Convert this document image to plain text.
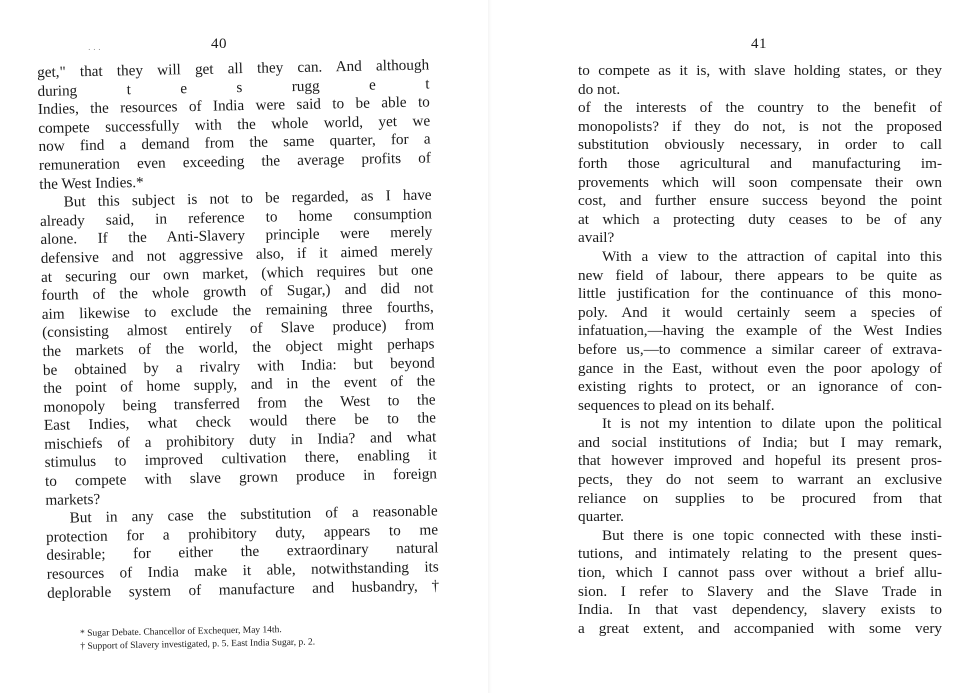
. . .	40
get," that they will get all they can. And although
during t e s rugg e t
Indies, the resources of India were said to be able to
compete successfully with the whole world, yet we
now find a demand from the same quarter, for a
remuneration even exceeding the average profits of
the West Indies.*
But this subject is not to be regarded, as I have
already said, in reference to home consumption
alone. If the Anti-Slavery principle were merely
defensive and not aggressive also, if it aimed merely
at securing our own market, (which requires but one
fourth of the whole growth of Sugar,) and did not
aim likewise to exclude the remaining three fourths,
(consisting almost entirely of Slave produce) from
the markets of the world, the object might perhaps
be obtained by a rivalry with India: but beyond
the point of home supply, and in the event of the
monopoly being transferred from the West to the
East Indies, what check would there be to the
mischiefs of a prohibitory duty in India? and what
stimulus to improved cultivation there, enabling it
to compete with slave grown produce in foreign
markets?
But in any case the substitution of a reasonable
protection for a prohibitory duty, appears to me
desirable; for either the extraordinary natural
resources of India make it able, notwithstanding its
deplorable system of manufacture and husbandry,†
* Sugar Debate. Chancellor of Exchequer, May 14th.
† Support of Slavery investigated, p. 5. East India Sugar, p. 2.
41
to compete as it is, with slave holding states, or they
do not.
of the interests of the country to the benefit of
monopolists? if they do not, is not the proposed
substitution obviously necessary, in order to call
forth those agricultural and manufacturing im-
provements which will soon compensate their own
cost, and further ensure success beyond the point
at which a protecting duty ceases to be of any
avail?
With a view to the attraction of capital into this
new field of labour, there appears to be quite as
little justification for the continuance of this mono-
poly. And it would certainly seem a species of
infatuation,—having the example of the West Indies
before us,—to commence a similar career of extrava-
gance in the East, without even the poor apology of
existing rights to protect, or an ignorance of con-
sequences to plead on its behalf.
It is not my intention to dilate upon the political
and social institutions of India; but I may remark,
that however improved and hopeful its present pros-
pects, they do not seem to warrant an exclusive
reliance on supplies to be procured from that
quarter.
But there is one topic connected with these insti-
tutions, and intimately relating to the present ques-
tion, which I cannot pass over without a brief allu-
sion. I refer to Slavery and the Slave Trade in
India. In that vast dependency, slavery exists to
a great extent, and accompanied with some very
